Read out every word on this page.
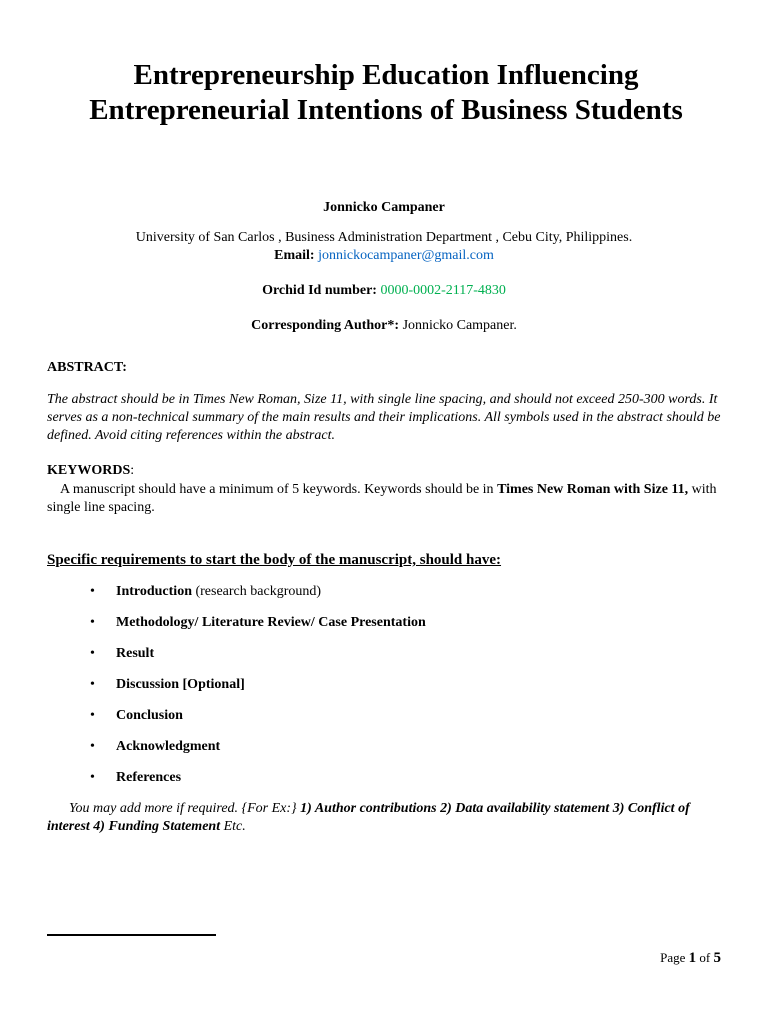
Entrepreneurship Education Influencing Entrepreneurial Intentions of Business Students
Jonnicko Campaner
University of San Carlos , Business Administration Department , Cebu City, Philippines.
Email: jonnickocampaner@gmail.com
Orchid Id number: 0000-0002-2117-4830
Corresponding Author*: Jonnicko Campaner.
ABSTRACT:
The abstract should be in Times New Roman, Size 11, with single line spacing, and should not exceed 250-300 words. It serves as a non-technical summary of the main results and their implications. All symbols used in the abstract should be defined. Avoid citing references within the abstract.
KEYWORDS:
A manuscript should have a minimum of 5 keywords. Keywords should be in Times New Roman with Size 11, with single line spacing.
Specific requirements to start the body of the manuscript, should have:
•	Introduction (research background)
•	Methodology/ Literature Review/ Case Presentation
•	Result
•	Discussion [Optional]
•	Conclusion
•	Acknowledgment
•	References
You may add more if required. {For Ex:} 1) Author contributions 2) Data availability statement 3) Conflict of interest 4) Funding Statement Etc.
Page 1 of 5
